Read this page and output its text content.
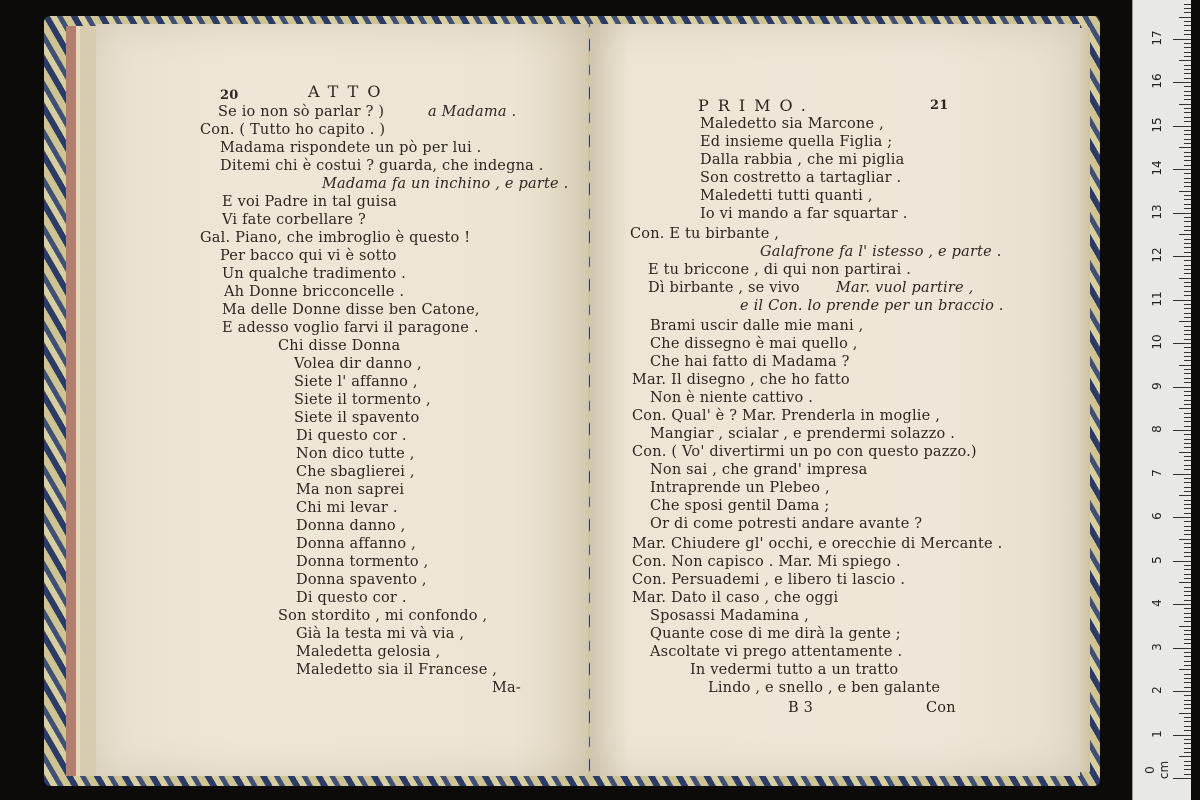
20	ATTO
Se io non sò parlar ? )	a Madama .
Con. ( Tutto ho capito . )
Madama rispondete un pò per lui .
Ditemi chi è costui ? guarda, che indegna .
Madama fa un inchino , e parte .
E voi Padre in tal guisa
Vi fate corbellare ?
Gal. Piano, che imbroglio è questo !
Per bacco qui vi è sotto
Un qualche tradimento .
Ah Donne bricconcelle .
Ma delle Donne disse ben Catone,
E adesso voglio farvi il paragone .
Chi disse Donna
Volea dir danno ,
Siete l' affanno ,
Siete il tormento ,
Siete il spavento
Di questo cor .
Non dico tutte ,
Che sbaglierei ,
Ma non saprei
Chi mi levar .
Donna danno ,
Donna affanno ,
Donna tormento ,
Donna spavento ,
Di questo cor .
Son stordito , mi confondo ,
Già la testa mi và via ,
Maledetta gelosia ,
Maledetto sia il Francese ,
Ma-
PRIMO.	21
Maledetto sia Marcone ,
Ed insieme quella Figlia ;
Dalla rabbia , che mi piglia
Son costretto a tartagliar .
Maledetti tutti quanti ,
Io vi mando a far squartar .
Con. E tu birbante ,
Galafrone fa l' istesso , e parte .
E tu briccone , di qui non partirai .
Dì birbante , se vivo Mar. vuol partire ,
e il Con. lo prende per un braccio .
Brami uscir dalle mie mani ,
Che dissegno è mai quello ,
Che hai fatto di Madama ?
Mar. Il disegno , che ho fatto
Non è niente cattivo .
Con. Qual' è ? Mar. Prenderla in moglie ,
Mangiar , scialar , e prendermi solazzo .
Con. ( Vo' divertirmi un po con questo pazzo.)
Non sai , che grand' impresa
Intraprende un Plebeo ,
Che sposi gentil Dama ;
Or di come potresti andare avante ?
Mar. Chiudere gl' occhi, e orecchie di Mercante .
Con. Non capisco . Mar. Mi spiego .
Con. Persuademi , e libero ti lascio .
Mar. Dato il caso , che oggi
Sposassi Madamina ,
Quante cose di me dirà la gente ;
Ascoltate vi prego attentamente .
In vedermi tutto a un tratto
Lindo , e snello , e ben galante
B 3	Con
0 cm
1
2
3
4
5
6
7
8
9
10
11
12
13
14
15
16
17
